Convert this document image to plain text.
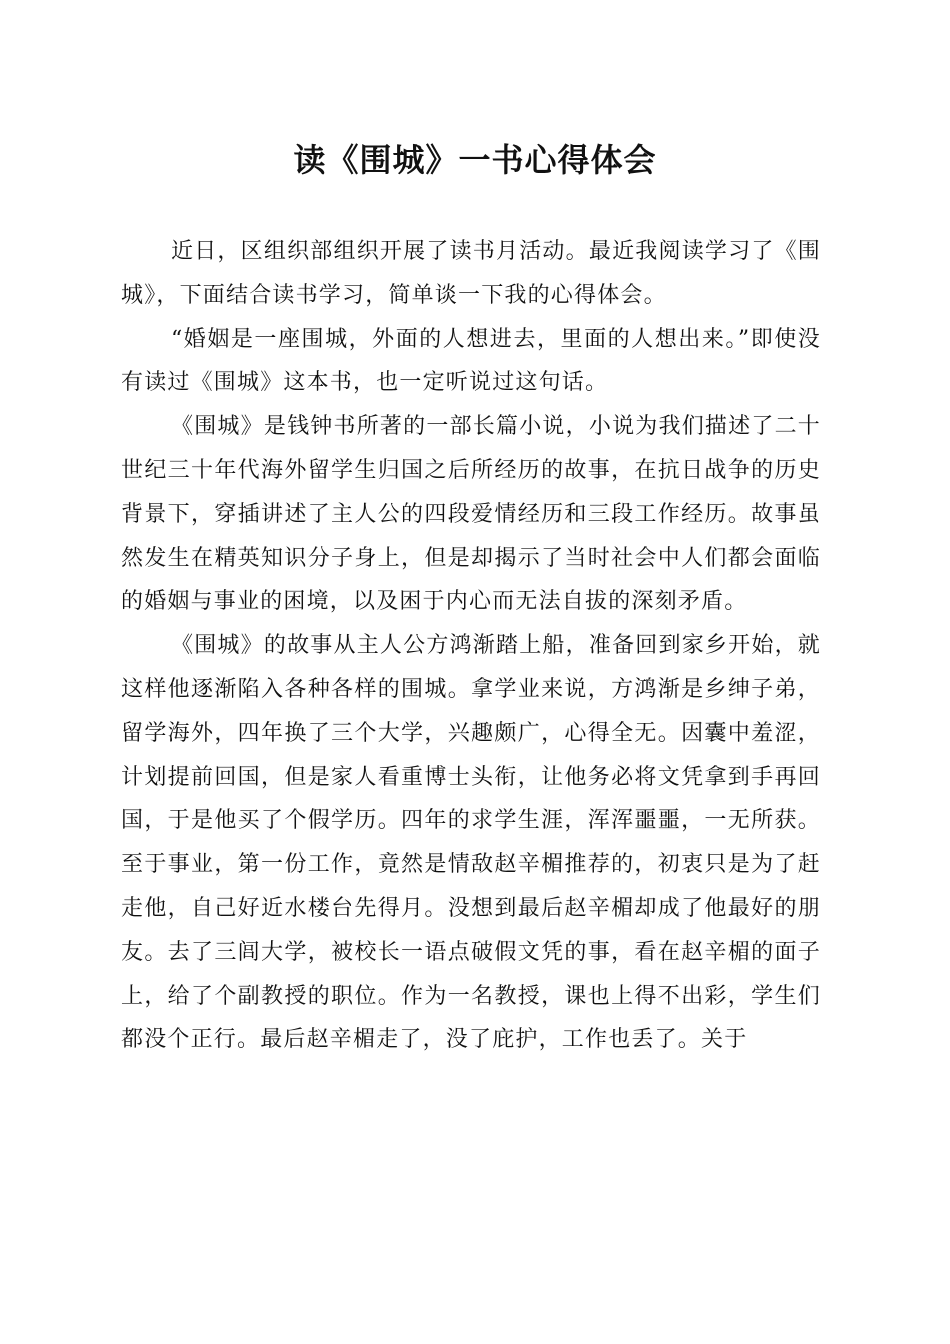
读《围城》一书心得体会

近日，区组织部组织开展了读书月活动。最近我阅读学习了《围城》，下面结合读书学习，简单谈一下我的心得体会。

“婚姻是一座围城，外面的人想进去，里面的人想出来。”即使没有读过《围城》这本书，也一定听说过这句话。

《围城》是钱钟书所著的一部长篇小说，小说为我们描述了二十世纪三十年代海外留学生归国之后所经历的故事，在抗日战争的历史背景下，穿插讲述了主人公的四段爱情经历和三段工作经历。故事虽然发生在精英知识分子身上，但是却揭示了当时社会中人们都会面临的婚姻与事业的困境，以及困于内心而无法自拔的深刻矛盾。

《围城》的故事从主人公方鸿渐踏上船，准备回到家乡开始，就这样他逐渐陷入各种各样的围城。拿学业来说，方鸿渐是乡绅子弟，留学海外，四年换了三个大学，兴趣颇广，心得全无。因囊中羞涩，计划提前回国，但是家人看重博士头衔，让他务必将文凭拿到手再回国，于是他买了个假学历。四年的求学生涯，浑浑噩噩，一无所获。至于事业，第一份工作，竟然是情敌赵辛楣推荐的，初衷只是为了赶走他，自己好近水楼台先得月。没想到最后赵辛楣却成了他最好的朋友。去了三闾大学，被校长一语点破假文凭的事，看在赵辛楣的面子上，给了个副教授的职位。作为一名教授，课也上得不出彩，学生们都没个正行。最后赵辛楣走了，没了庇护，工作也丢了。关于
